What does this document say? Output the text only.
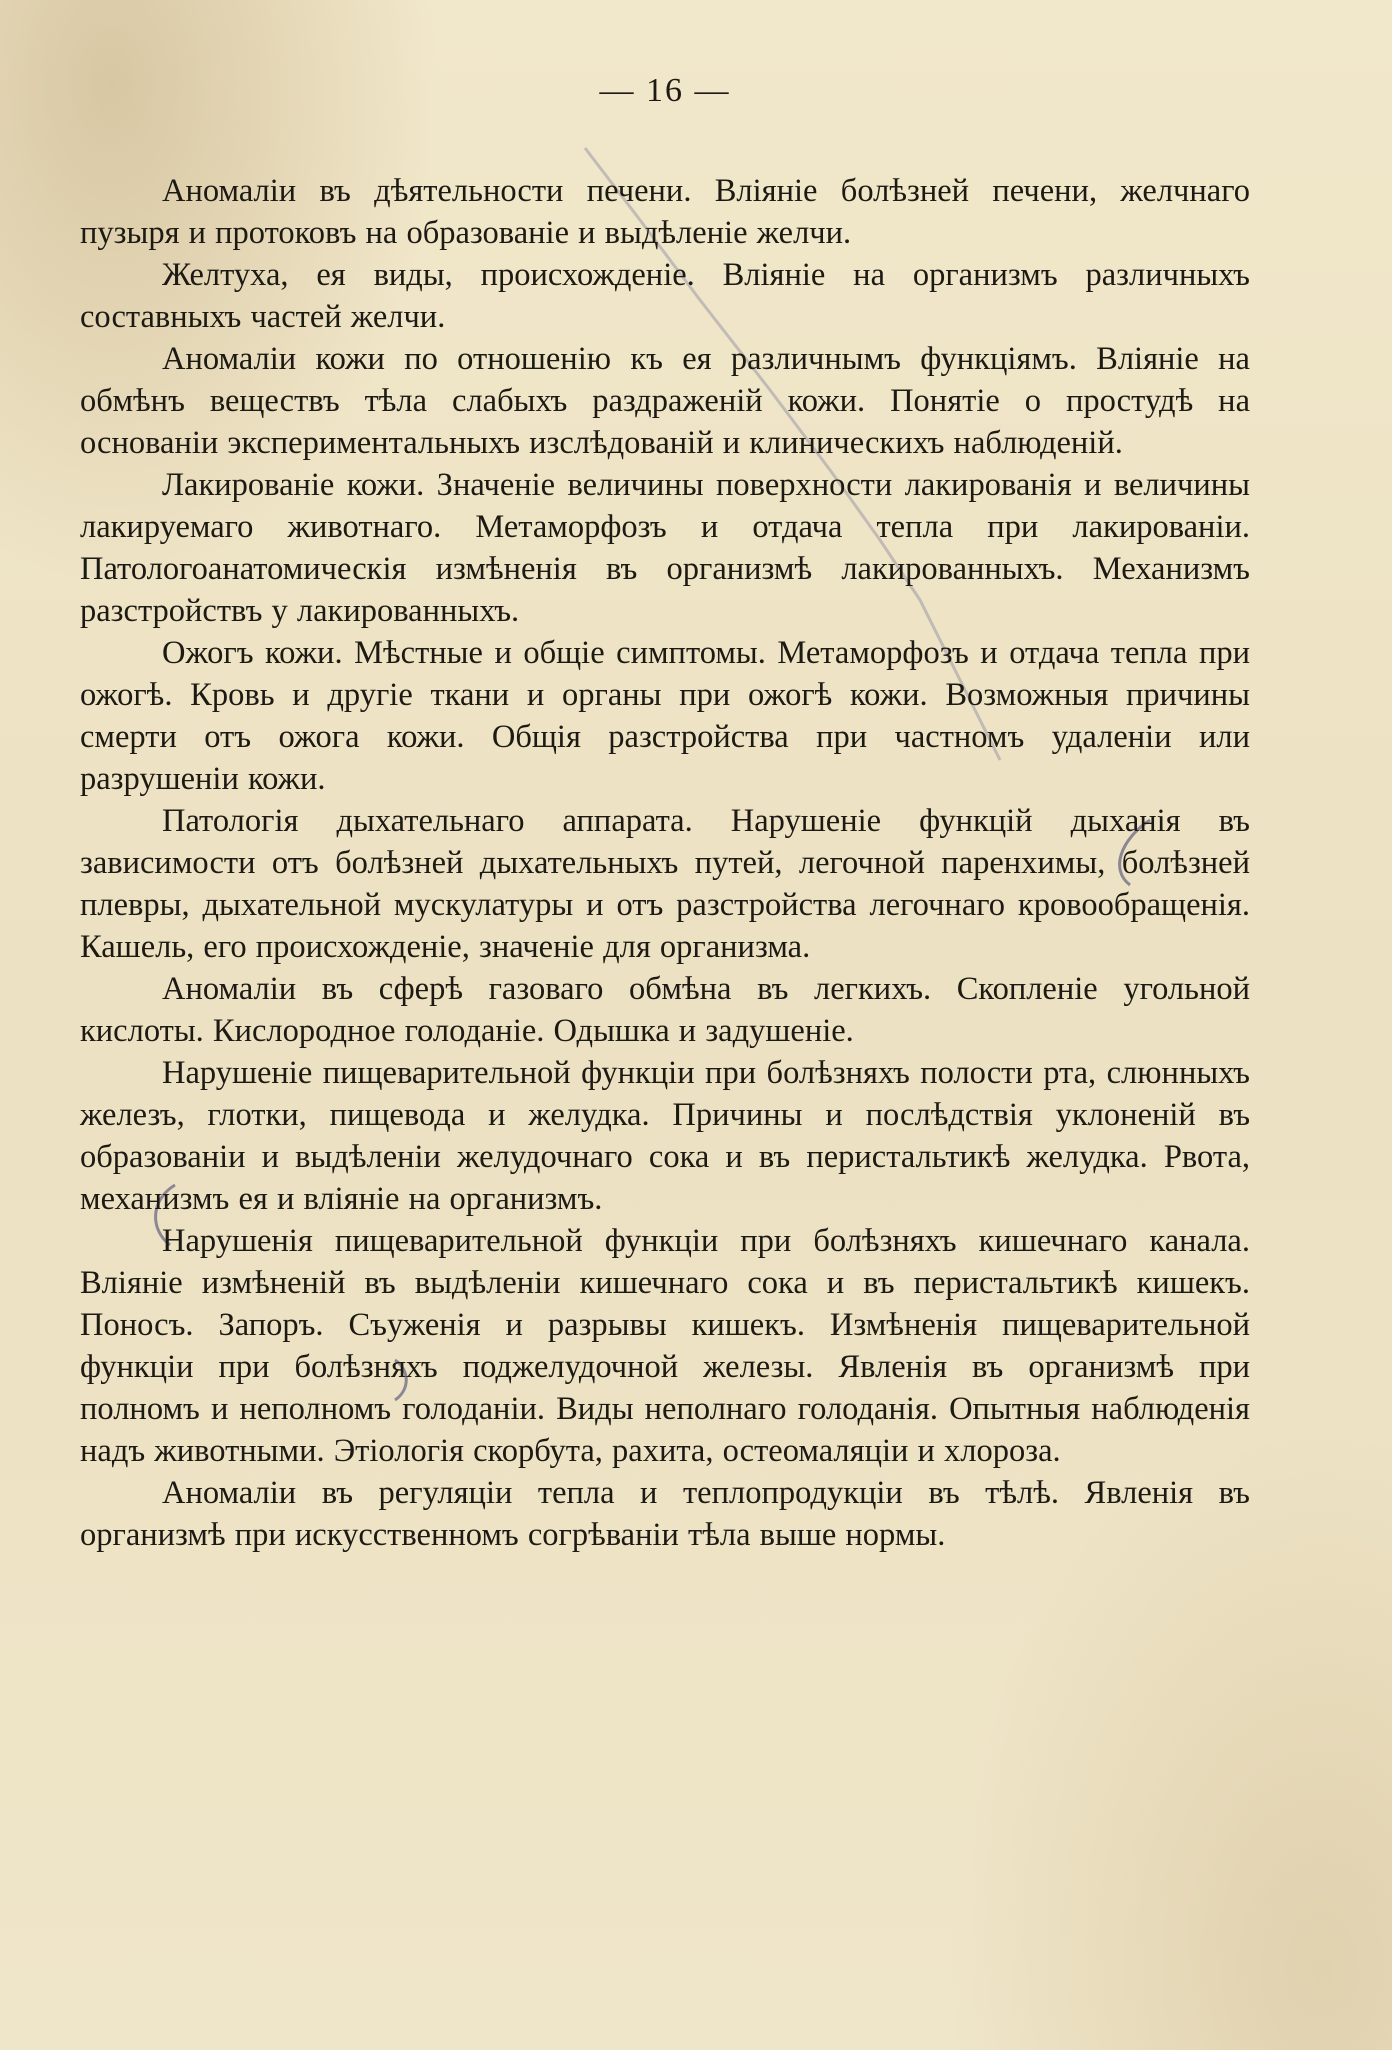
— 16 —

Аномаліи въ дѣятельности печени. Вліяніе болѣзней печени, желчнаго пузыря и протоковъ на образованіе и выдѣленіе желчи.

Желтуха, ея виды, происхожденіе. Вліяніе на организмъ различныхъ составныхъ частей желчи.

Аномаліи кожи по отношенію къ ея различнымъ функціямъ. Вліяніе на обмѣнъ веществъ тѣла слабыхъ раздраженій кожи. Понятіе о простудѣ на основаніи экспериментальныхъ изслѣдованій и клиническихъ наблюденій.

Лакированіе кожи. Значеніе величины поверхности лакированія и величины лакируемаго животнаго. Метаморфозъ и отдача тепла при лакированіи. Патологоанатомическія измѣненія въ организмѣ лакированныхъ. Механизмъ разстройствъ у лакированныхъ.

Ожогъ кожи. Мѣстные и общіе симптомы. Метаморфозъ и отдача тепла при ожогѣ. Кровь и другіе ткани и органы при ожогѣ кожи. Возможныя причины смерти отъ ожога кожи. Общія разстройства при частномъ удаленіи или разрушеніи кожи.

Патологія дыхательнаго аппарата. Нарушеніе функцій дыханія въ зависимости отъ болѣзней дыхательныхъ путей, легочной паренхимы, болѣзней плевры, дыхательной мускулатуры и отъ разстройства легочнаго кровообращенія. Кашель, его происхожденіе, значеніе для организма.

Аномаліи въ сферѣ газоваго обмѣна въ легкихъ. Скопленіе угольной кислоты. Кислородное голоданіе. Одышка и задушеніе.

Нарушеніе пищеварительной функціи при болѣзняхъ полости рта, слюнныхъ железъ, глотки, пищевода и желудка. Причины и послѣдствія уклоненій въ образованіи и выдѣленіи желудочнаго сока и въ перистальтикѣ желудка. Рвота, механизмъ ея и вліяніе на организмъ.

Нарушенія пищеварительной функціи при болѣзняхъ кишечнаго канала. Вліяніе измѣненій въ выдѣленіи кишечнаго сока и въ перистальтикѣ кишекъ. Поносъ. Запоръ. Съуженія и разрывы кишекъ. Измѣненія пищеварительной функціи при болѣзняхъ поджелудочной железы. Явленія въ организмѣ при полномъ и неполномъ голоданіи. Виды неполнаго голоданія. Опытныя наблюденія надъ животными. Этіологія скорбута, рахита, остеомаляціи и хлороза.

Аномаліи въ регуляціи тепла и теплопродукціи въ тѣлѣ. Явленія въ организмѣ при искусственномъ согрѣваніи тѣла выше нормы.
